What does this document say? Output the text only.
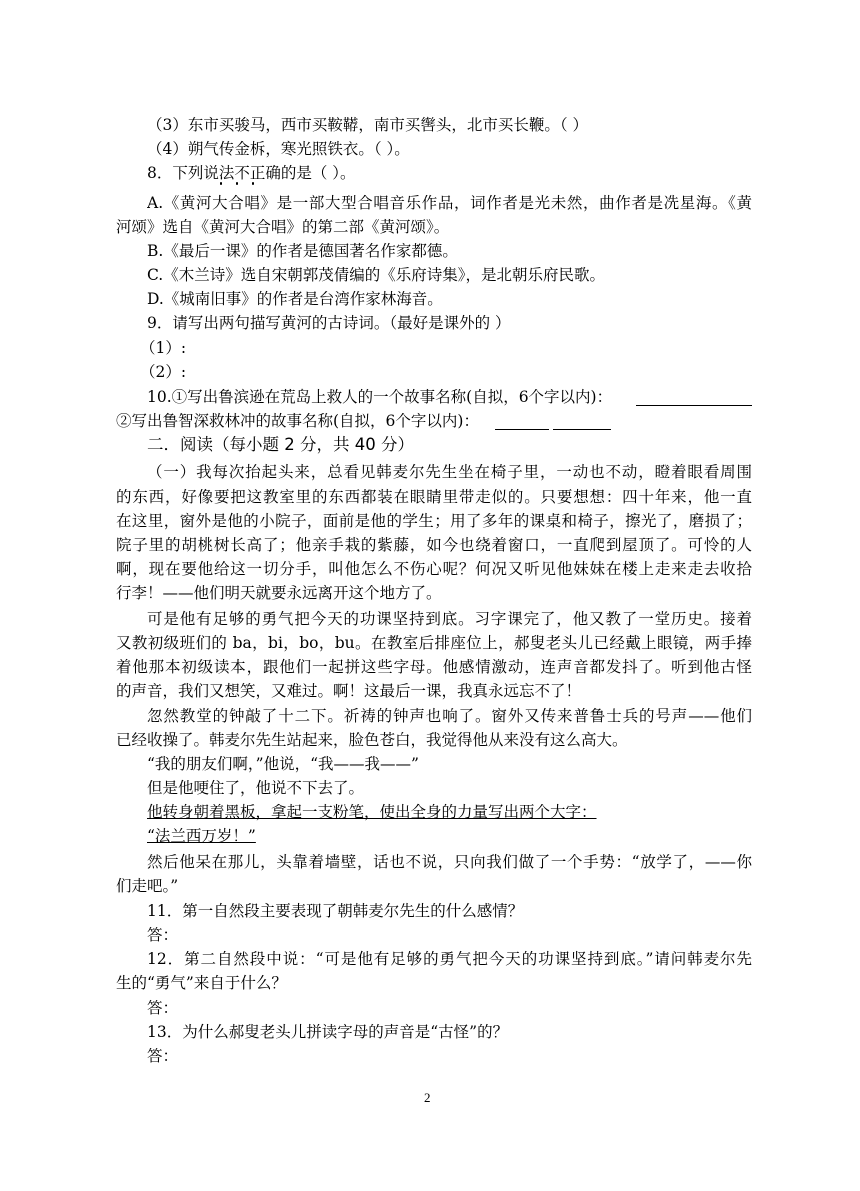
（3）东市买骏马，西市买鞍鞯，南市买辔头，北市买长鞭。（ ）
（4）朔气传金柝，寒光照铁衣。（ ）。
8．下列说法不正确的是（ ）。
A.《黄河大合唱》是一部大型合唱音乐作品，词作者是光未然，曲作者是冼星海。《黄
河颂》选自《黄河大合唱》的第二部《黄河颂》。
B.《最后一课》的作者是德国著名作家都德。
C.《木兰诗》选自宋朝郭茂倩编的《乐府诗集》，是北朝乐府民歌。
D.《城南旧事》的作者是台湾作家林海音。
9．请写出两句描写黄河的古诗词。（最好是课外的 ）
（1）:
（2）:
10.①写出鲁滨逊在荒岛上救人的一个故事名称(自拟，6个字以内)：
②写出鲁智深救林冲的故事名称(自拟，6个字以内)：
二．阅读（每小题 2 分，共 40 分）
（一）我每次抬起头来，总看见韩麦尔先生坐在椅子里，一动也不动，瞪着眼看周围
的东西，好像要把这教室里的东西都装在眼睛里带走似的。只要想想：四十年来，他一直
在这里，窗外是他的小院子，面前是他的学生；用了多年的课桌和椅子，擦光了，磨损了；
院子里的胡桃树长高了；他亲手栽的紫藤，如今也绕着窗口，一直爬到屋顶了。可怜的人
啊，现在要他给这一切分手，叫他怎么不伤心呢？何况又听见他妹妹在楼上走来走去收拾
行李！——他们明天就要永远离开这个地方了。
可是他有足够的勇气把今天的功课坚持到底。习字课完了，他又教了一堂历史。接着
又教初级班们的 ba，bi，bo，bu。在教室后排座位上，郝叟老头儿已经戴上眼镜，两手捧
着他那本初级读本，跟他们一起拼这些字母。他感情激动，连声音都发抖了。听到他古怪
的声音，我们又想笑，又难过。啊！这最后一课，我真永远忘不了！
忽然教堂的钟敲了十二下。祈祷的钟声也响了。窗外又传来普鲁士兵的号声——他们
已经收操了。韩麦尔先生站起来，脸色苍白，我觉得他从来没有这么高大。
“我的朋友们啊，”他说，“我——我——”
但是他哽住了，他说不下去了。
他转身朝着黑板，拿起一支粉笔，使出全身的力量写出两个大字：
“法兰西万岁！”
然后他呆在那儿，头靠着墙壁，话也不说，只向我们做了一个手势：“放学了，——你
们走吧。”
11．第一自然段主要表现了朝韩麦尔先生的什么感情？
答：
12．第二自然段中说：“可是他有足够的勇气把今天的功课坚持到底。”请问韩麦尔先
生的“勇气”来自于什么？
答：
13．为什么郝叟老头儿拼读字母的声音是“古怪”的？
答：
2
